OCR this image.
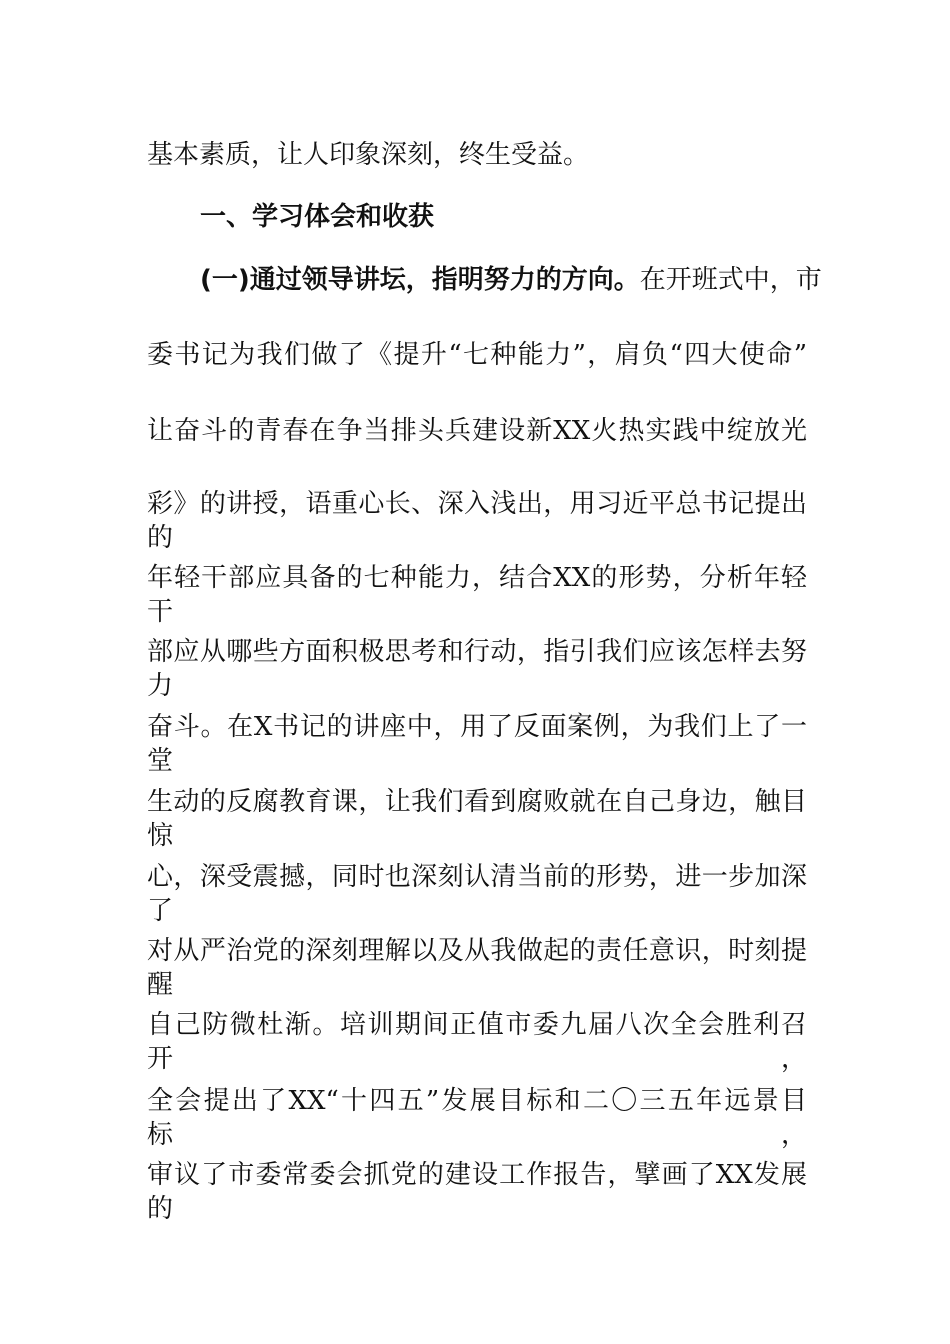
基本素质，让人印象深刻，终生受益。
一、学习体会和收获
(一)通过领导讲坛，指明努力的方向。在开班式中，市
委书记为我们做了《提升“七种能力”，肩负“四大使命”
让奋斗的青春在争当排头兵建设新XX火热实践中绽放光
彩》的讲授，语重心长、深入浅出，用习近平总书记提出的
年轻干部应具备的七种能力，结合XX的形势，分析年轻干
部应从哪些方面积极思考和行动，指引我们应该怎样去努力
奋斗。在X书记的讲座中，用了反面案例，为我们上了一堂
生动的反腐教育课，让我们看到腐败就在自己身边，触目惊
心，深受震撼，同时也深刻认清当前的形势，进一步加深了
对从严治党的深刻理解以及从我做起的责任意识，时刻提醒
自己防微杜渐。培训期间正值市委九届八次全会胜利召开，
全会提出了XX“十四五”发展目标和二〇三五年远景目标，
审议了市委常委会抓党的建设工作报告，擘画了XX发展的
